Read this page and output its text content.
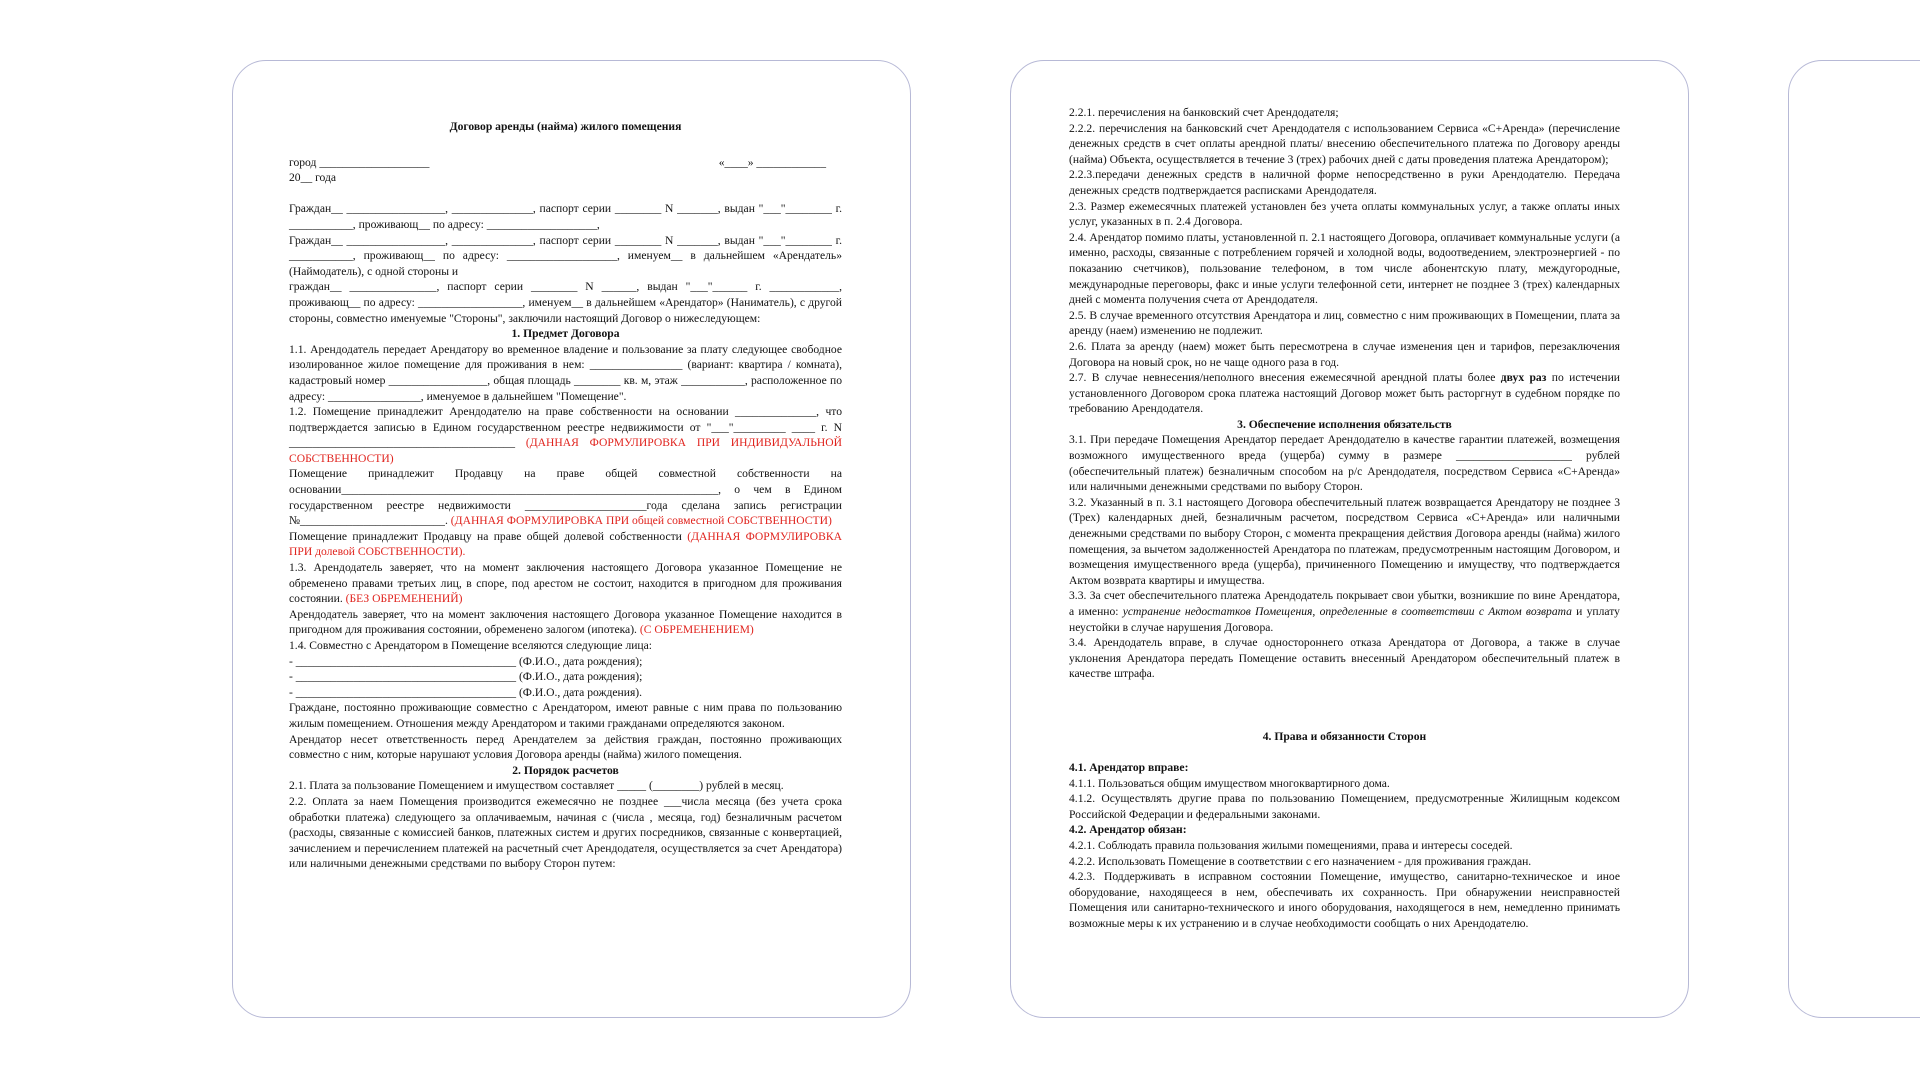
Договор аренды (найма) жилого помещения

город ___________________	«____» ____________

20__ года

Граждан__ _________________, ______________, паспорт серии ________ N _______, выдан "___"________ г. ___________, проживающ__ по адресу: ___________________,

Граждан__ _________________, ______________, паспорт серии ________ N _______, выдан "___"________ г. ___________, проживающ__ по адресу: ___________________, именуем__ в дальнейшем «Арендатель» (Наймодатель), с одной стороны и

граждан__ _______________, паспорт серии ________ N ______, выдан "___"______ г. ____________, проживающ__ по адресу: __________________, именуем__ в дальнейшем «Арендатор» (Наниматель), с другой стороны, совместно именуемые "Стороны", заключили настоящий Договор о нижеследующем:

1. Предмет Договора

1.1. Арендодатель передает Арендатору во временное владение и пользование за плату следующее свободное изолированное жилое помещение для проживания в нем: ________________ (вариант: квартира / комната), кадастровый номер _________________, общая площадь ________ кв. м, этаж ___________, расположенное по адресу: ________________, именуемое в дальнейшем "Помещение".

1.2. Помещение принадлежит Арендодателю на праве собственности на основании ______________, что подтверждается записью в Едином государственном реестре недвижимости от "___"_________ ____ г. N _______________________________________ (ДАННАЯ ФОРМУЛИРОВКА ПРИ ИНДИВИДУАЛЬНОЙ СОБСТВЕННОСТИ)

Помещение принадлежит Продавцу на праве общей совместной собственности на основании_________________________________________________________________, о чем в Едином государственном реестре недвижимости _____________________года сделана запись регистрации №_________________________. (ДАННАЯ ФОРМУЛИРОВКА ПРИ общей совместной СОБСТВЕННОСТИ)

Помещение принадлежит Продавцу на праве общей долевой собственности (ДАННАЯ ФОРМУЛИРОВКА ПРИ долевой СОБСТВЕННОСТИ).

1.3. Арендодатель заверяет, что на момент заключения настоящего Договора указанное Помещение не обременено правами третьих лиц, в споре, под арестом не состоит, находится в пригодном для проживания состоянии. (БЕЗ ОБРЕМЕНЕНИЙ)

Арендодатель заверяет, что на момент заключения настоящего Договора указанное Помещение находится в пригодном для проживания состоянии, обременено залогом (ипотека). (С ОБРЕМЕНЕНИЕМ)

1.4. Совместно с Арендатором в Помещение вселяются следующие лица:

- ______________________________________ (Ф.И.О., дата рождения);

- ______________________________________ (Ф.И.О., дата рождения);

- ______________________________________ (Ф.И.О., дата рождения).

Граждане, постоянно проживающие совместно с Арендатором, имеют равные с ним права по пользованию жилым помещением. Отношения между Арендатором и такими гражданами определяются законом.

Арендатор несет ответственность перед Арендателем за действия граждан, постоянно проживающих совместно с ним, которые нарушают условия Договора аренды (найма) жилого помещения.

2. Порядок расчетов

2.1. Плата за пользование Помещением и имуществом составляет _____ (________) рублей в месяц.

2.2. Оплата за наем Помещения производится ежемесячно не позднее ___числа месяца (без учета срока обработки платежа) следующего за оплачиваемым, начиная с (числа , месяца, год) безналичным расчетом (расходы, связанные с комиссией банков, платежных систем и других посредников, связанные с конвертацией, зачислением и перечислением платежей на расчетный счет Арендодателя, осуществляется за счет Арендатора) или наличными денежными средствами по выбору Сторон путем:

2.2.1. перечисления на банковский счет Арендодателя;

2.2.2. перечисления на банковский счет Арендодателя с использованием Сервиса «С+Аренда» (перечисление денежных средств в счет оплаты арендной платы/ внесению обеспечительного платежа по Договору аренды (найма) Объекта, осуществляется в течение 3 (трех) рабочих дней с даты проведения платежа Арендатором);

2.2.3.передачи денежных средств в наличной форме непосредственно в руки Арендодателю. Передача денежных средств подтверждается расписками Арендодателя.

2.3. Размер ежемесячных платежей установлен без учета оплаты коммунальных услуг, а также оплаты иных услуг, указанных в п. 2.4 Договора.

2.4. Арендатор помимо платы, установленной п. 2.1 настоящего Договора, оплачивает коммунальные услуги (а именно, расходы, связанные с потреблением горячей и холодной воды, водоотведением, электроэнергией - по показанию счетчиков), пользование телефоном, в том числе абонентскую плату, междугородные, международные переговоры, факс и иные услуги телефонной сети, интернет не позднее 3 (трех) календарных дней с момента получения счета от Арендодателя.

2.5. В случае временного отсутствия Арендатора и лиц, совместно с ним проживающих в Помещении, плата за аренду (наем) изменению не подлежит.

2.6. Плата за аренду (наем) может быть пересмотрена в случае изменения цен и тарифов, перезаключения Договора на новый срок, но не чаще одного раза в год.

2.7. В случае невнесения/неполного внесения ежемесячной арендной платы более двух раз по истечении установленного Договором срока платежа настоящий Договор может быть расторгнут в судебном порядке по требованию Арендодателя.

3. Обеспечение исполнения обязательств

3.1. При передаче Помещения Арендатор передает Арендодателю в качестве гарантии платежей, возмещения возможного имущественного вреда (ущерба) сумму в размере ____________________ рублей (обеспечительный платеж) безналичным способом на р/с Арендодателя, посредством Сервиса «С+Аренда» или наличными денежными средствами по выбору Сторон.

3.2. Указанный в п. 3.1 настоящего Договора обеспечительный платеж возвращается Арендатору не позднее 3 (Трех) календарных дней, безналичным расчетом, посредством Сервиса «С+Аренда» или наличными денежными средствами по выбору Сторон, с момента прекращения действия Договора аренды (найма) жилого помещения, за вычетом задолженностей Арендатора по платежам, предусмотренным настоящим Договором, и возмещения имущественного вреда (ущерба), причиненного Помещению и имуществу, что подтверждается Актом возврата квартиры и имущества.

3.3. За счет обеспечительного платежа Арендодатель покрывает свои убытки, возникшие по вине Арендатора, а именно: устранение недостатков Помещения, определенные в соответствии с Актом возврата и уплату неустойки в случае нарушения Договора.

3.4. Арендодатель вправе, в случае одностороннего отказа Арендатора от Договора, а также в случае уклонения Арендатора передать Помещение оставить внесенный Арендатором обеспечительный платеж в качестве штрафа.

4. Права и обязанности Сторон

4.1. Арендатор вправе:

4.1.1. Пользоваться общим имуществом многоквартирного дома.

4.1.2. Осуществлять другие права по пользованию Помещением, предусмотренные Жилищным кодексом Российской Федерации и федеральными законами.

4.2. Арендатор обязан:

4.2.1. Соблюдать правила пользования жилыми помещениями, права и интересы соседей.

4.2.2. Использовать Помещение в соответствии с его назначением - для проживания граждан.

4.2.3. Поддерживать в исправном состоянии Помещение, имущество, санитарно-техническое и иное оборудование, находящееся в нем, обеспечивать их сохранность. При обнаружении неисправностей Помещения или санитарно-технического и иного оборудования, находящегося в нем, немедленно принимать возможные меры к их устранению и в случае необходимости сообщать о них Арендодателю.
